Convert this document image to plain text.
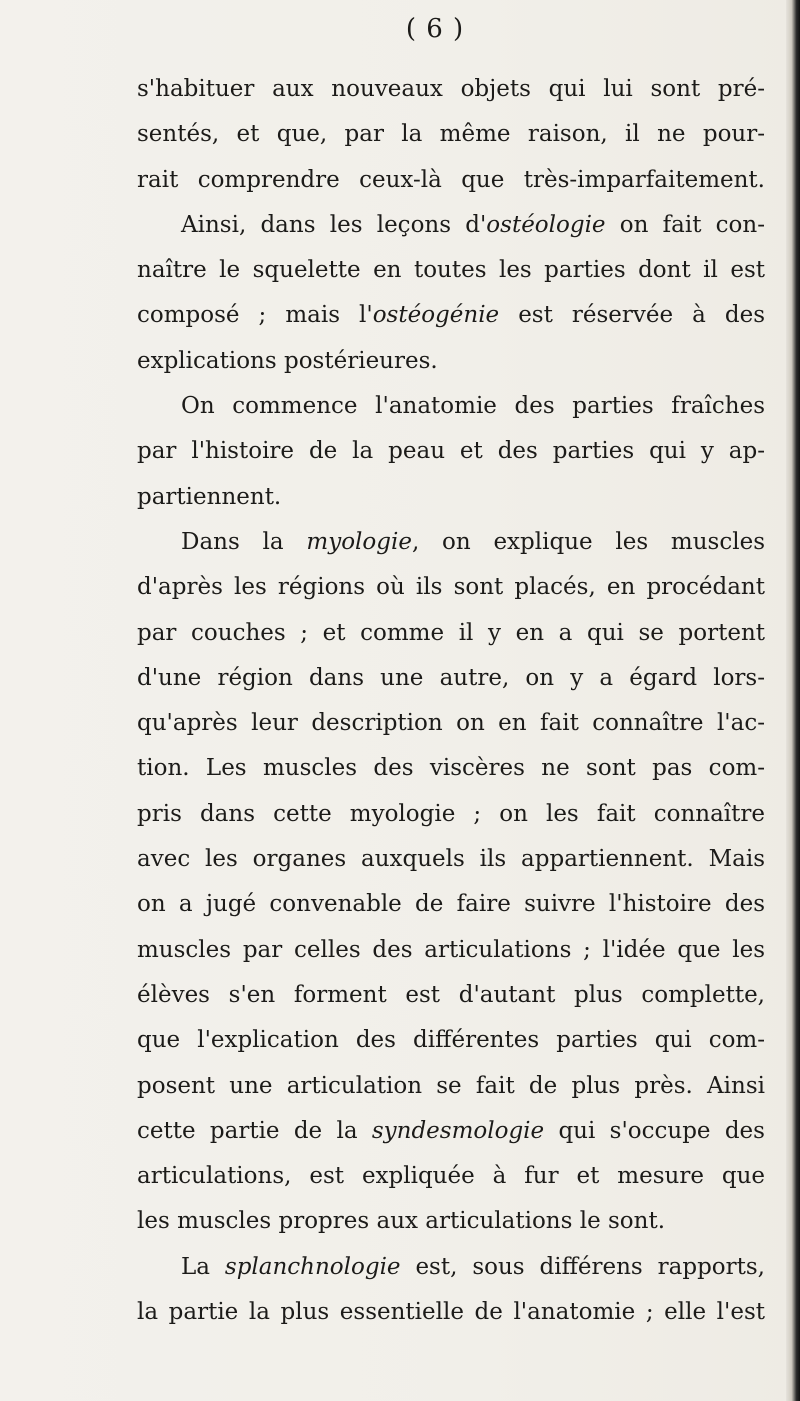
( 6 )
s'habituer aux nouveaux objets qui lui sont pré-
sentés, et que, par la même raison, il ne pour-
rait comprendre ceux-là que très-imparfaitement.
Ainsi, dans les leçons d'ostéologie on fait con-
naître le squelette en toutes les parties dont il est
composé ; mais l'ostéogénie est réservée à des
explications postérieures.
On commence l'anatomie des parties fraîches
par l'histoire de la peau et des parties qui y ap-
partiennent.
Dans la myologie, on explique les muscles
d'après les régions où ils sont placés, en procédant
par couches ; et comme il y en a qui se portent
d'une région dans une autre, on y a égard lors-
qu'après leur description on en fait connaître l'ac-
tion. Les muscles des viscères ne sont pas com-
pris dans cette myologie ; on les fait connaître
avec les organes auxquels ils appartiennent. Mais
on a jugé convenable de faire suivre l'histoire des
muscles par celles des articulations ; l'idée que les
élèves s'en forment est d'autant plus complette,
que l'explication des différentes parties qui com-
posent une articulation se fait de plus près. Ainsi
cette partie de la syndesmologie qui s'occupe des
articulations, est expliquée à fur et mesure que
les muscles propres aux articulations le sont.
La splanchnologie est, sous différens rapports,
la partie la plus essentielle de l'anatomie ; elle l'est
